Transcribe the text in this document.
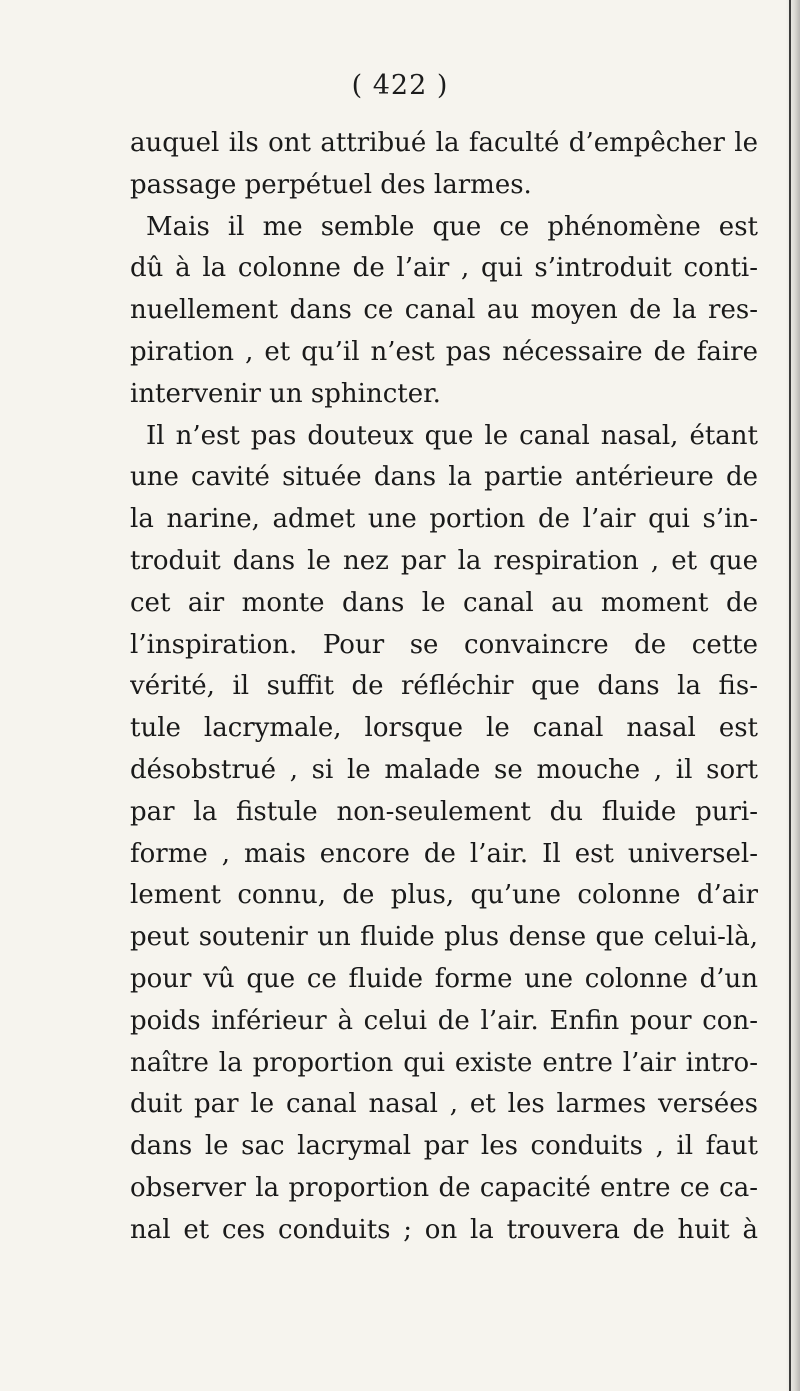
( 422 )
auquel ils ont attribué la faculté d’empêcher le
passage perpétuel des larmes.
Mais il me semble que ce phénomène est
dû à la colonne de l’air , qui s’introduit conti-
nuellement dans ce canal au moyen de la res-
piration , et qu’il n’est pas nécessaire de faire
intervenir un sphincter.
Il n’est pas douteux que le canal nasal, étant
une cavité située dans la partie antérieure de
la narine, admet une portion de l’air qui s’in-
troduit dans le nez par la respiration , et que
cet air monte dans le canal au moment de
l’inspiration. Pour se convaincre de cette
vérité, il suffit de réfléchir que dans la fis-
tule lacrymale, lorsque le canal nasal est
désobstrué , si le malade se mouche , il sort
par la fistule non-seulement du fluide puri-
forme , mais encore de l’air. Il est universel-
lement connu, de plus, qu’une colonne d’air
peut soutenir un fluide plus dense que celui-là,
pour vû que ce fluide forme une colonne d’un
poids inférieur à celui de l’air. Enfin pour con-
naître la proportion qui existe entre l’air intro-
duit par le canal nasal , et les larmes versées
dans le sac lacrymal par les conduits , il faut
observer la proportion de capacité entre ce ca-
nal et ces conduits ; on la trouvera de huit à
